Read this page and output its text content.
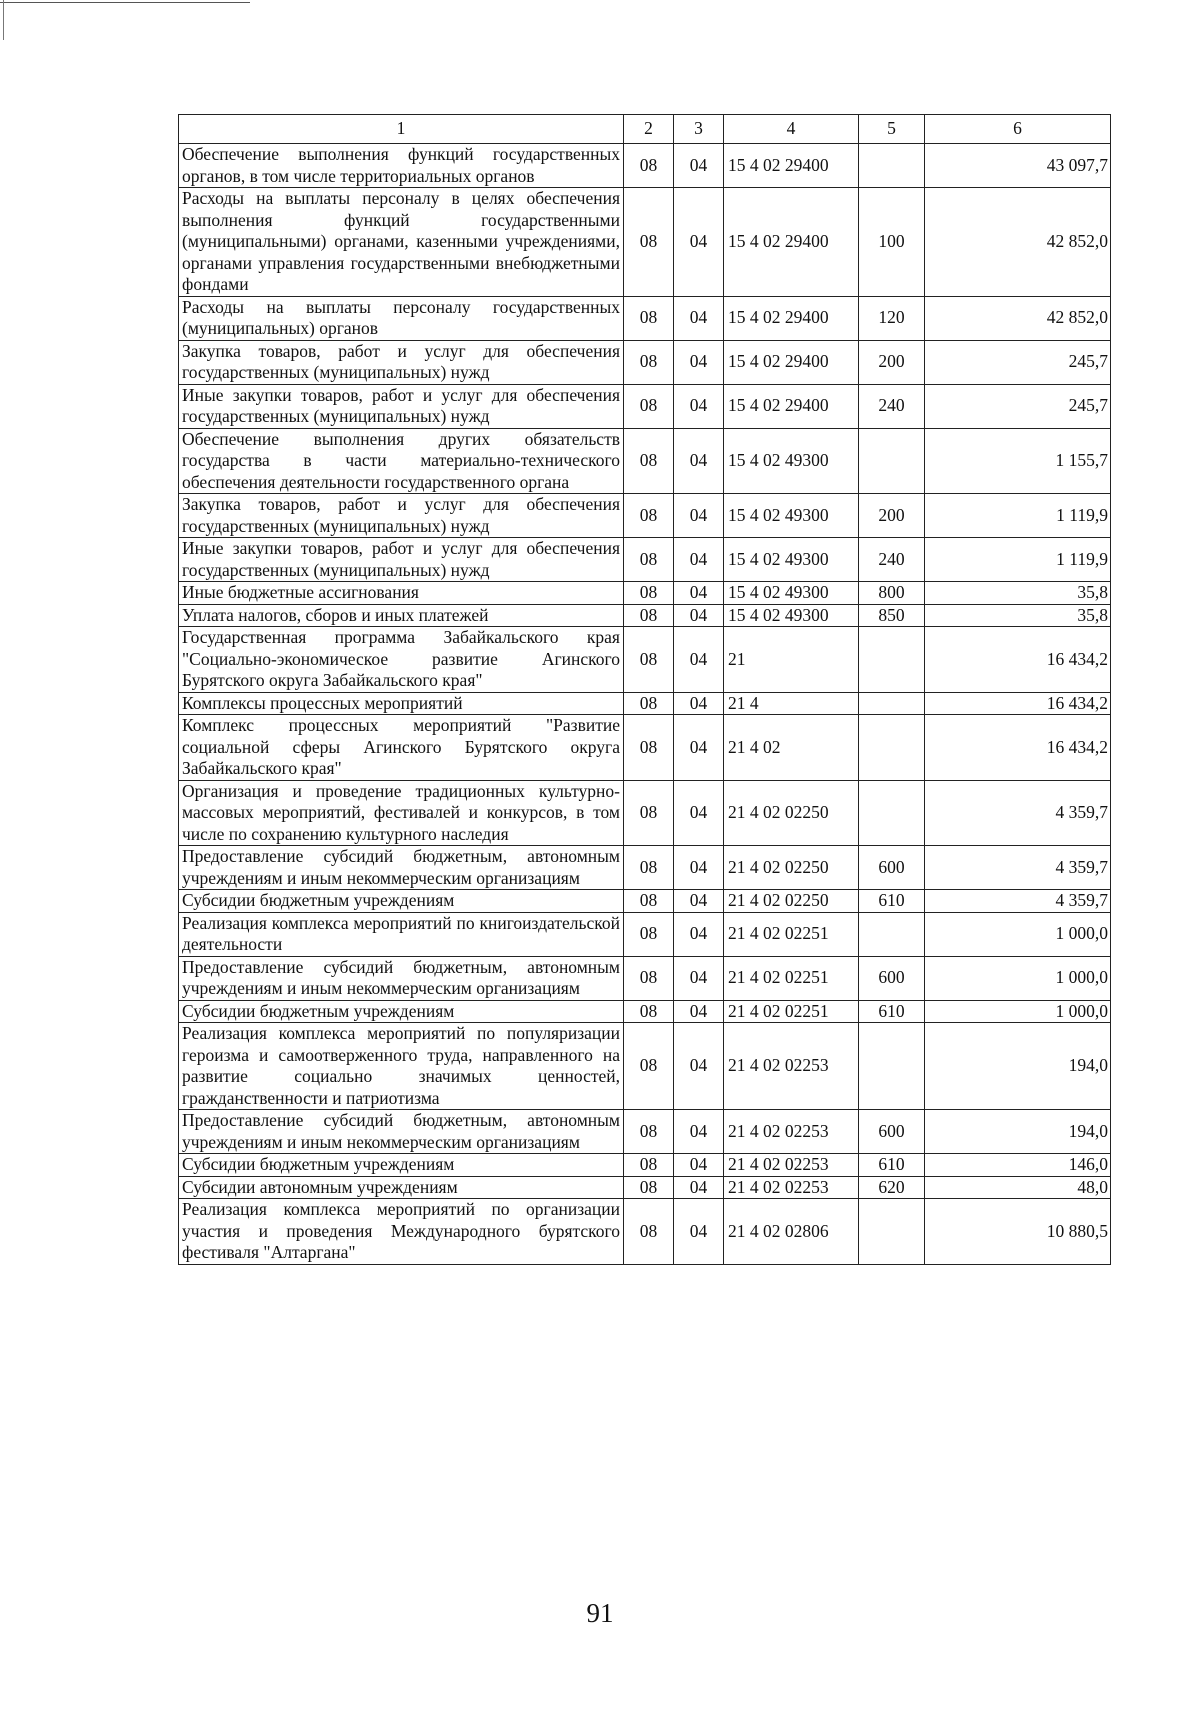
1	2	3	4	5	6
Обеспечение выполнения функций государственных органов, в том числе территориальных органов	08	04	15 4 02 29400		43 097,7
Расходы на выплаты персоналу в целях обеспечения выполнения функций государственными (муниципальными) органами, казенными учреждениями, органами управления государственными внебюджетными фондами	08	04	15 4 02 29400	100	42 852,0
Расходы на выплаты персоналу государственных (муниципальных) органов	08	04	15 4 02 29400	120	42 852,0
Закупка товаров, работ и услуг для обеспечения государственных (муниципальных) нужд	08	04	15 4 02 29400	200	245,7
Иные закупки товаров, работ и услуг для обеспечения государственных (муниципальных) нужд	08	04	15 4 02 29400	240	245,7
Обеспечение выполнения других обязательств государства в части материально-технического обеспечения деятельности государственного органа	08	04	15 4 02 49300		1 155,7
Закупка товаров, работ и услуг для обеспечения государственных (муниципальных) нужд	08	04	15 4 02 49300	200	1 119,9
Иные закупки товаров, работ и услуг для обеспечения государственных (муниципальных) нужд	08	04	15 4 02 49300	240	1 119,9
Иные бюджетные ассигнования	08	04	15 4 02 49300	800	35,8
Уплата налогов, сборов и иных платежей	08	04	15 4 02 49300	850	35,8
Государственная программа Забайкальского края "Социально-экономическое развитие Агинского Бурятского округа Забайкальского края"	08	04	21		16 434,2
Комплексы процессных мероприятий	08	04	21 4		16 434,2
Комплекс процессных мероприятий "Развитие социальной сферы Агинского Бурятского округа Забайкальского края"	08	04	21 4 02		16 434,2
Организация и проведение традиционных культурно-массовых мероприятий, фестивалей и конкурсов, в том числе по сохранению культурного наследия	08	04	21 4 02 02250		4 359,7
Предоставление субсидий бюджетным, автономным учреждениям и иным некоммерческим организациям	08	04	21 4 02 02250	600	4 359,7
Субсидии бюджетным учреждениям	08	04	21 4 02 02250	610	4 359,7
Реализация комплекса мероприятий по книгоиздательской деятельности	08	04	21 4 02 02251		1 000,0
Предоставление субсидий бюджетным, автономным учреждениям и иным некоммерческим организациям	08	04	21 4 02 02251	600	1 000,0
Субсидии бюджетным учреждениям	08	04	21 4 02 02251	610	1 000,0
Реализация комплекса мероприятий по популяризации героизма и самоотверженного труда, направленного на развитие социально значимых ценностей, гражданственности и патриотизма	08	04	21 4 02 02253		194,0
Предоставление субсидий бюджетным, автономным учреждениям и иным некоммерческим организациям	08	04	21 4 02 02253	600	194,0
Субсидии бюджетным учреждениям	08	04	21 4 02 02253	610	146,0
Субсидии автономным учреждениям	08	04	21 4 02 02253	620	48,0
Реализация комплекса мероприятий по организации участия и проведения Международного бурятского фестиваля "Алтаргана"	08	04	21 4 02 02806		10 880,5
91
